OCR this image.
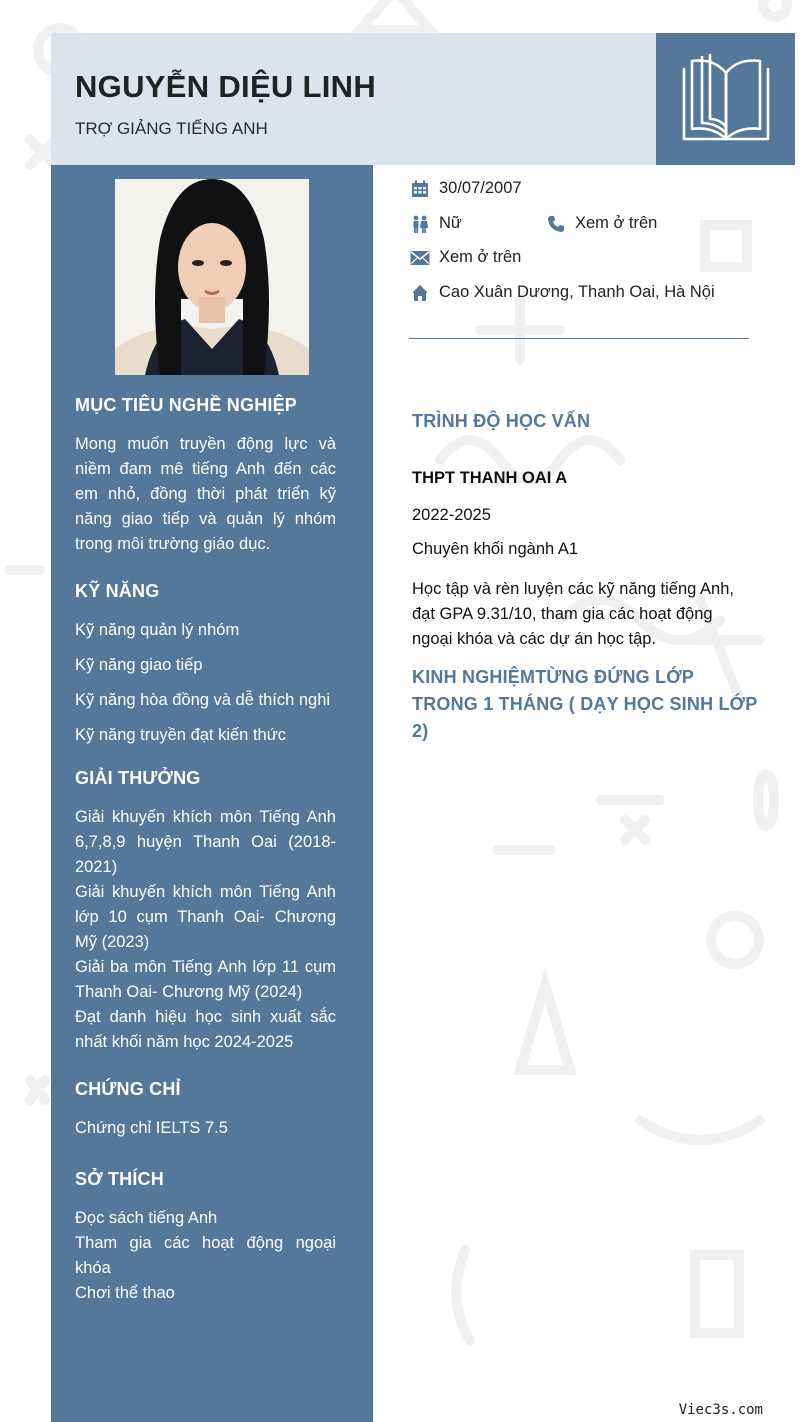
NGUYỄN DIỆU LINH
TRỢ GIẢNG TIẾNG ANH
MỤC TIÊU NGHỀ NGHIỆP
Mong muốn truyền động lực và niềm đam mê tiếng Anh đến các em nhỏ, đồng thời phát triển kỹ năng giao tiếp và quản lý nhóm trong môi trường giáo dục.
KỸ NĂNG
Kỹ năng quản lý nhóm
Kỹ năng giao tiếp
Kỹ năng hòa đồng và dễ thích nghi
Kỹ năng truyền đạt kiến thức
GIẢI THƯỞNG
Giải khuyến khích môn Tiếng Anh 6,7,8,9 huyện Thanh Oai (2018-2021)
Giải khuyến khích môn Tiếng Anh lớp 10 cụm Thanh Oai- Chương Mỹ (2023)
Giải ba môn Tiếng Anh lớp 11 cụm Thanh Oai- Chương Mỹ (2024)
Đạt danh hiệu học sinh xuất sắc nhất khối năm học 2024-2025
CHỨNG CHỈ
Chứng chỉ IELTS 7.5
SỞ THÍCH
Đọc sách tiếng Anh
Tham gia các hoạt động ngoại khóa
Chơi thể thao
30/07/2007
Nữ	Xem ở trên
Xem ở trên
Cao Xuân Dương, Thanh Oai, Hà Nội
TRÌNH ĐỘ HỌC VẤN
THPT THANH OAI A
2022-2025
Chuyên khối ngành A1
Học tập và rèn luyện các kỹ năng tiếng Anh, đạt GPA 9.31/10, tham gia các hoạt động ngoại khóa và các dự án học tập.
KINH NGHIỆMTỪNG ĐỨNG LỚP TRONG 1 THÁNG ( DẠY HỌC SINH LỚP 2)
Viec3s.com
